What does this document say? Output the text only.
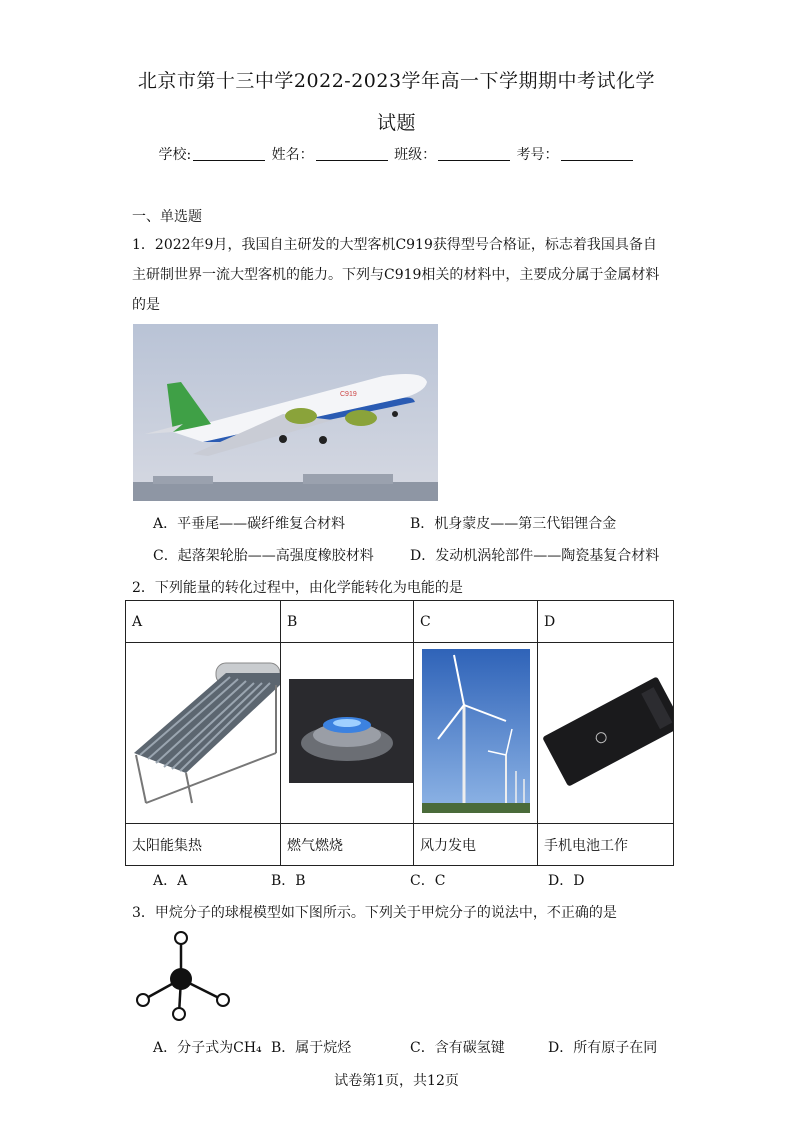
北京市第十三中学2022-2023学年高一下学期期中考试化学
试题
学校:	姓名：	班级：	考号：
一、单选题
1．2022年9月，我国自主研发的大型客机C919获得型号合格证，标志着我国具备自
主研制世界一流大型客机的能力。下列与C919相关的材料中，主要成分属于金属材料
的是
C919
A．平垂尾——碳纤维复合材料	B．机身蒙皮——第三代铝锂合金
C．起落架轮胎——高强度橡胶材料	D．发动机涡轮部件——陶瓷基复合材料
2．下列能量的转化过程中，由化学能转化为电能的是
A	B	C	D

太阳能集热	燃气燃烧	风力发电	手机电池工作
A．A	B．B	C．C	D．D
3．甲烷分子的球棍模型如下图所示。下列关于甲烷分子的说法中，不正确的是
A．分子式为CH₄ B．属于烷烃	C．含有碳氢键	D．所有原子在同
试卷第1页，共12页
